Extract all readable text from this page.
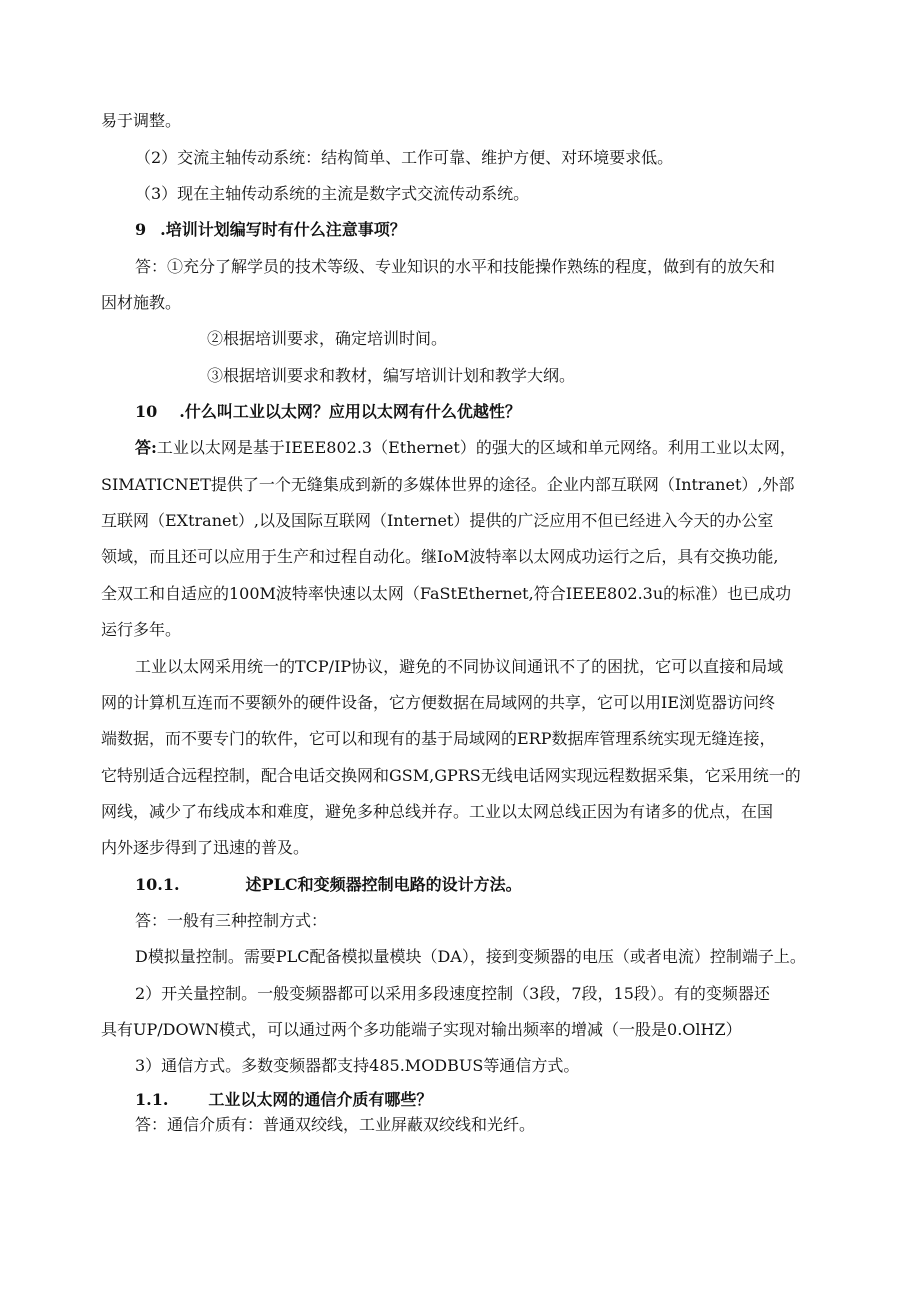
易于调整。

（2）交流主轴传动系统：结构简单、工作可靠、维护方便、对环境要求低。

（3）现在主轴传动系统的主流是数字式交流传动系统。

9 .培训计划编写时有什么注意事项？

答：①充分了解学员的技术等级、专业知识的水平和技能操作熟练的程度，做到有的放矢和

因材施教。

②根据培训要求，确定培训时间。

③根据培训要求和教材，编写培训计划和教学大纲。

10 .什么叫工业以太网？应用以太网有什么优越性？

答:工业以太网是基于IEEE802.3（Ethernet）的强大的区域和单元网络。利用工业以太网，

SIMATICNET提供了一个无缝集成到新的多媒体世界的途径。企业内部互联网（Intranet）,外部

互联网（EXtranet）,以及国际互联网（Internet）提供的广泛应用不但已经进入今天的办公室

领域，而且还可以应用于生产和过程自动化。继IoM波特率以太网成功运行之后，具有交换功能,

全双工和自适应的100M波特率快速以太网（FaStEthernet,符合IEEE802.3u的标准）也已成功

运行多年。

工业以太网采用统一的TCP/IP协议，避免的不同协议间通讯不了的困扰，它可以直接和局域

网的计算机互连而不要额外的硬件设备，它方便数据在局域网的共享，它可以用IE浏览器访问终

端数据，而不要专门的软件，它可以和现有的基于局域网的ERP数据库管理系统实现无缝连接，

它特别适合远程控制，配合电话交换网和GSM,GPRS无线电话网实现远程数据采集，它采用统一的

网线，减少了布线成本和难度，避免多种总线并存。工业以太网总线正因为有诸多的优点，在国

内外逐步得到了迅速的普及。

10.1.	述PLC和变频器控制电路的设计方法。

答：一般有三种控制方式：

D模拟量控制。需要PLC配备模拟量模块（DA），接到变频器的电压（或者电流）控制端子上。

2）开关量控制。一般变频器都可以采用多段速度控制（3段，7段，15段）。有的变频器还

具有UP/DOWN模式，可以通过两个多功能端子实现对输出频率的增减（一股是0.OlHZ）

3）通信方式。多数变频器都支持485.MODBUS等通信方式。

1.1.	工业以太网的通信介质有哪些？

答：通信介质有：普通双绞线，工业屏蔽双绞线和光纤。
